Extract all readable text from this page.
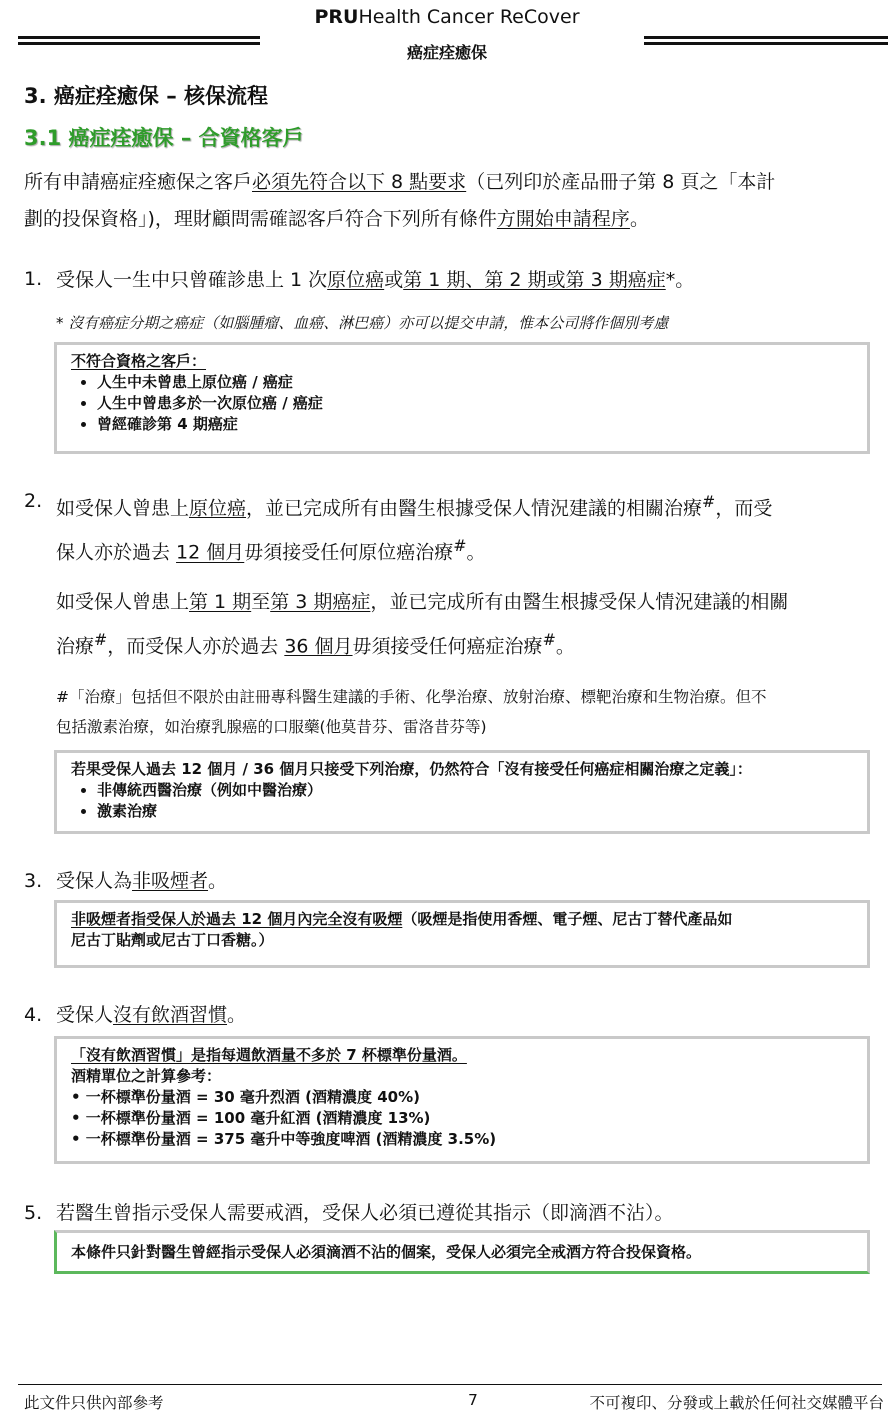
PRUHealth Cancer ReCover
癌症痊癒保
3. 癌症痊癒保 – 核保流程
3.1 癌症痊癒保 – 合資格客戶
所有申請癌症痊癒保之客戶必須先符合以下 8 點要求（已列印於產品冊子第 8 頁之「本計
劃的投保資格」)，理財顧問需確認客戶符合下列所有條件方開始申請程序。
1. 受保人一生中只曾確診患上 1 次原位癌或第 1 期、第 2 期或第 3 期癌症*。
* 沒有癌症分期之癌症（如腦腫瘤、血癌、淋巴癌）亦可以提交申請，惟本公司將作個別考慮
不符合資格之客戶：
• 人生中未曾患上原位癌 / 癌症
• 人生中曾患多於一次原位癌 / 癌症
• 曾經確診第 4 期癌症
2. 如受保人曾患上原位癌，並已完成所有由醫生根據受保人情況建議的相關治療#，而受
保人亦於過去 12 個月毋須接受任何原位癌治療#。
如受保人曾患上第 1 期至第 3 期癌症，並已完成所有由醫生根據受保人情況建議的相關
治療#，而受保人亦於過去 36 個月毋須接受任何癌症治療#。
#「治療」包括但不限於由註冊專科醫生建議的手術、化學治療、放射治療、標靶治療和生物治療。但不
包括激素治療，如治療乳腺癌的口服藥(他莫昔芬、雷洛昔芬等)
若果受保人過去 12 個月 / 36 個月只接受下列治療，仍然符合「沒有接受任何癌症相關治療之定義」：
• 非傳統西醫治療（例如中醫治療）
• 激素治療
3. 受保人為非吸煙者。
非吸煙者指受保人於過去 12 個月內完全沒有吸煙（吸煙是指使用香煙、電子煙、尼古丁替代產品如
尼古丁貼劑或尼古丁口香糖。）
4. 受保人沒有飲酒習慣。
「沒有飲酒習慣」是指每週飲酒量不多於 7 杯標準份量酒。
酒精單位之計算參考：
• 一杯標準份量酒 = 30 毫升烈酒 (酒精濃度 40%)
• 一杯標準份量酒 = 100 毫升紅酒 (酒精濃度 13%)
• 一杯標準份量酒 = 375 毫升中等強度啤酒 (酒精濃度 3.5%)
5. 若醫生曾指示受保人需要戒酒，受保人必須已遵從其指示（即滴酒不沾）。
本條件只針對醫生曾經指示受保人必須滴酒不沾的個案，受保人必須完全戒酒方符合投保資格。
此文件只供內部參考	7	不可複印、分發或上載於任何社交媒體平台
